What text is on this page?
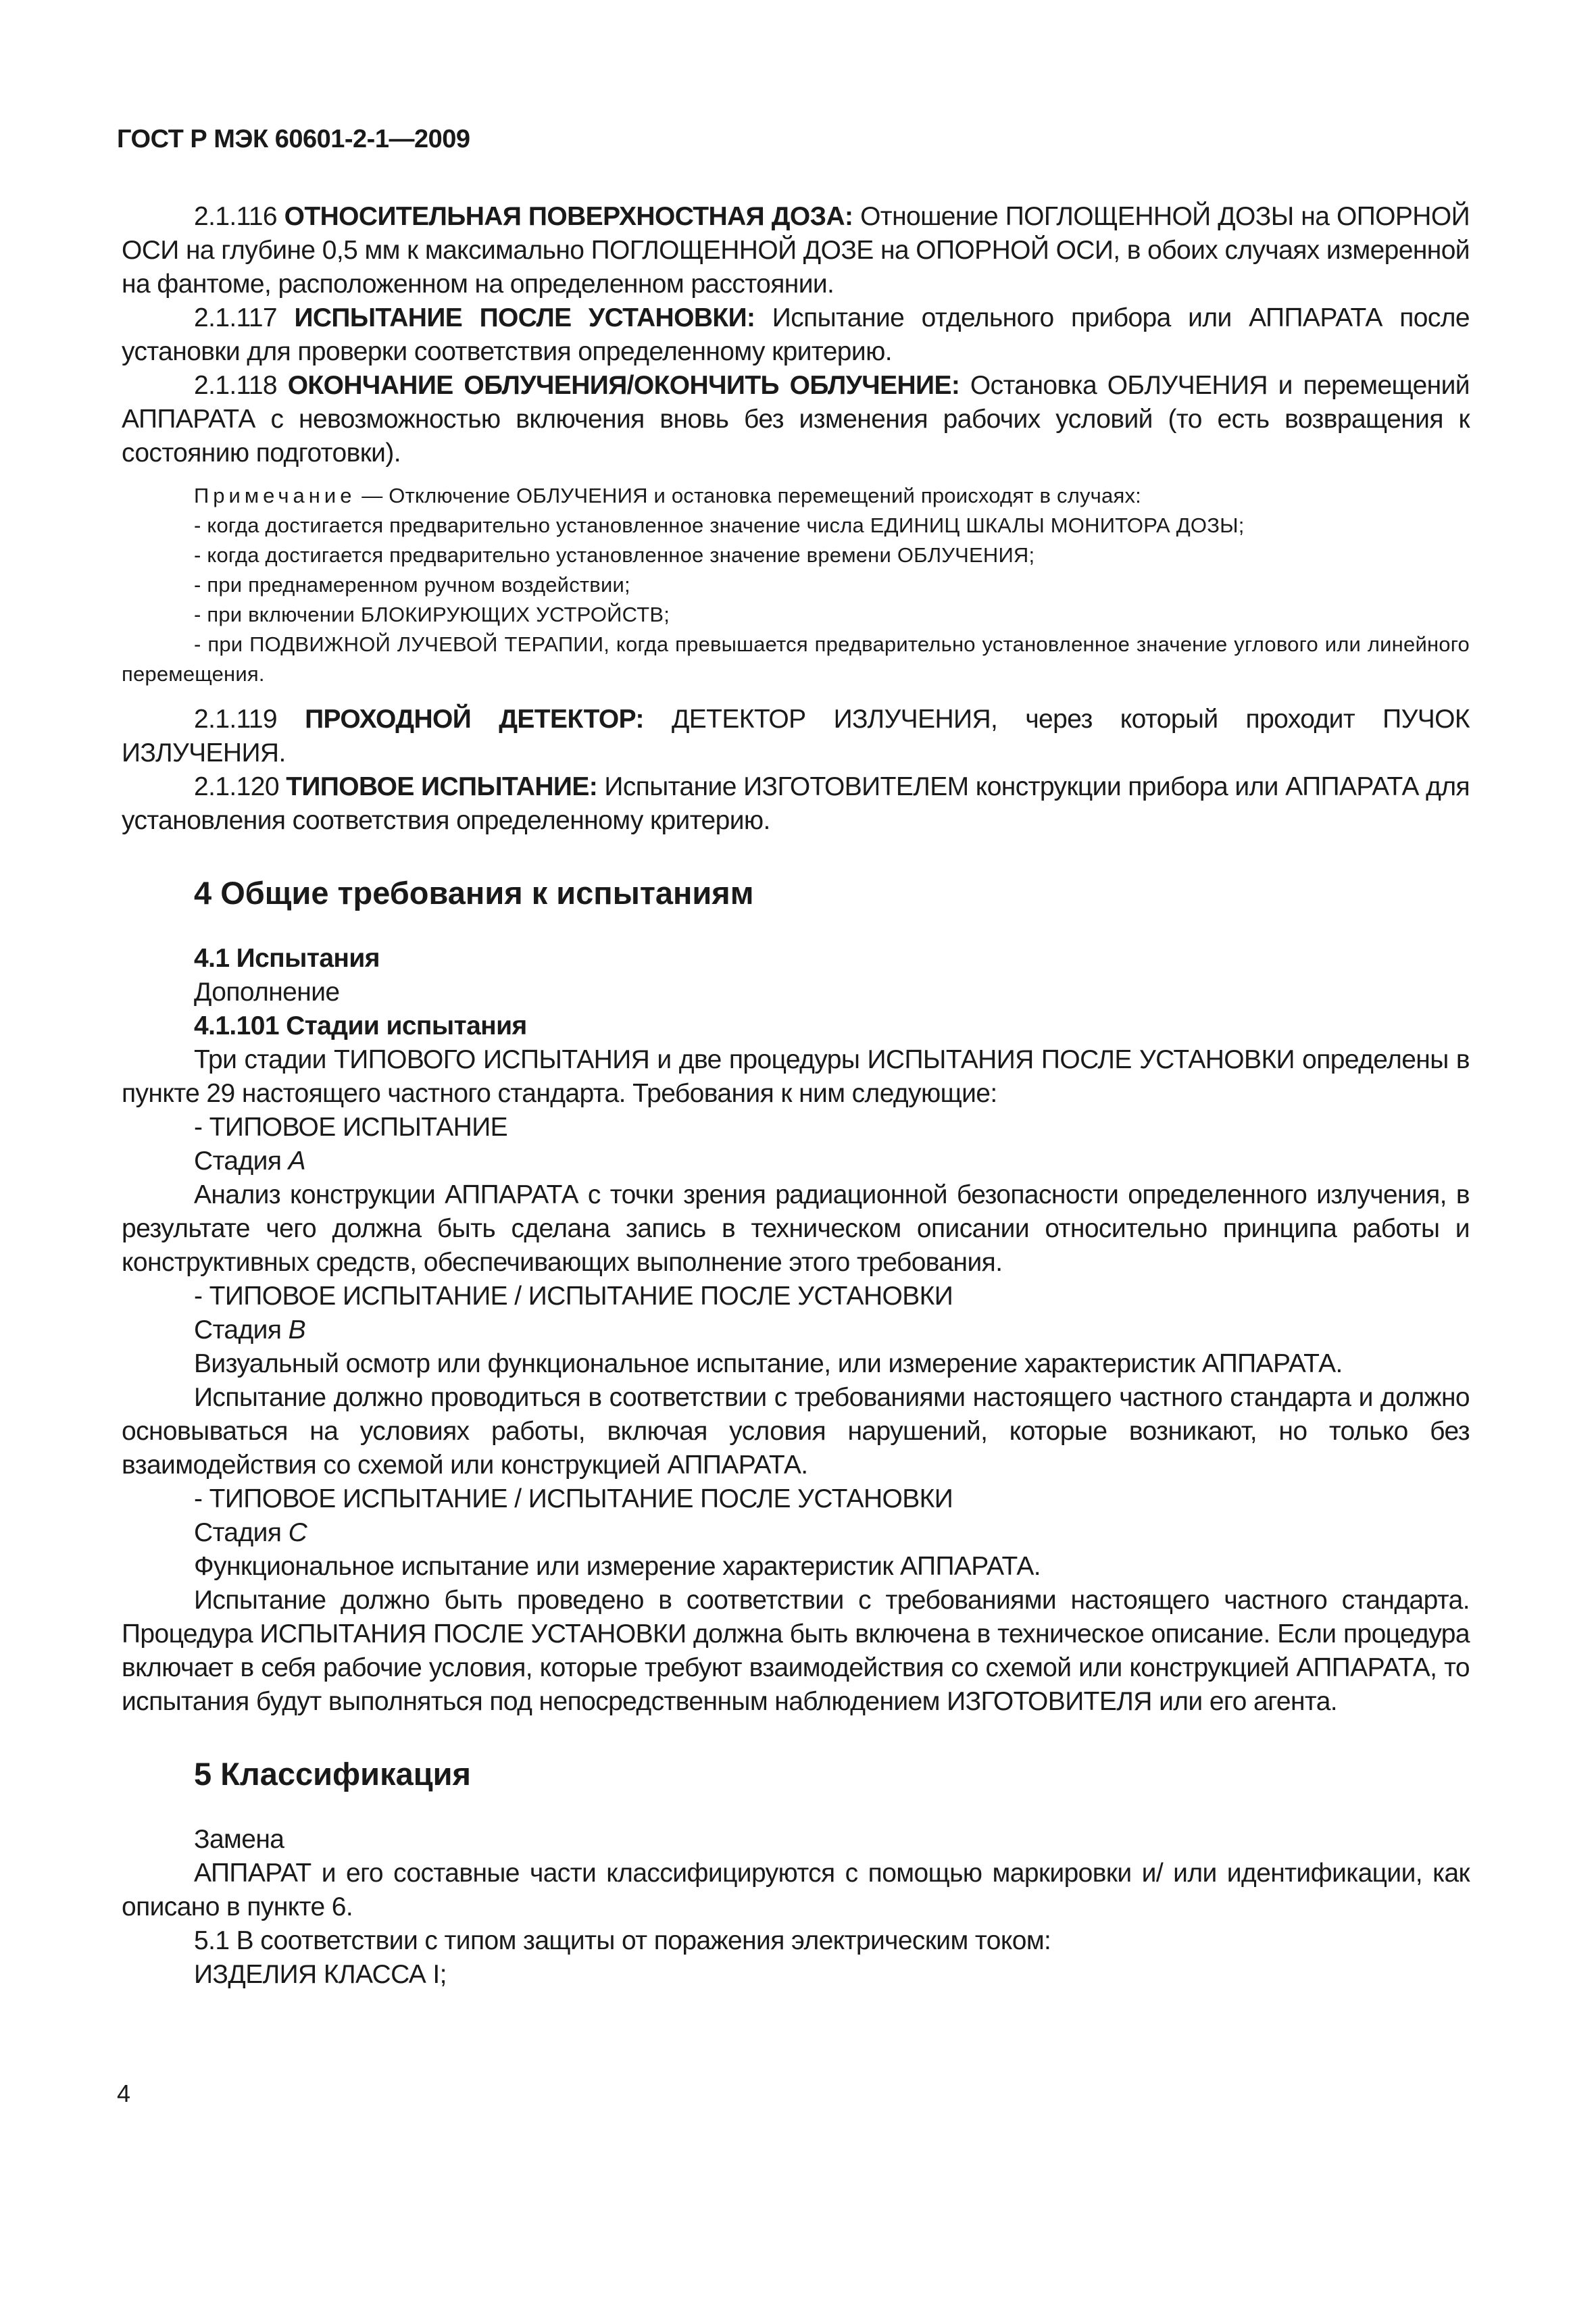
ГОСТ Р МЭК 60601-2-1—2009

2.1.116 ОТНОСИТЕЛЬНАЯ ПОВЕРХНОСТНАЯ ДОЗА: Отношение ПОГЛОЩЕННОЙ ДОЗЫ на ОПОРНОЙ ОСИ на глубине 0,5 мм к максимально ПОГЛОЩЕННОЙ ДОЗЕ на ОПОРНОЙ ОСИ, в обоих случаях измеренной на фантоме, расположенном на определенном расстоянии.

2.1.117 ИСПЫТАНИЕ ПОСЛЕ УСТАНОВКИ: Испытание отдельного прибора или АППАРАТА после установки для проверки соответствия определенному критерию.

2.1.118 ОКОНЧАНИЕ ОБЛУЧЕНИЯ/ОКОНЧИТЬ ОБЛУЧЕНИЕ: Остановка ОБЛУЧЕНИЯ и перемещений АППАРАТА с невозможностью включения вновь без изменения рабочих условий (то есть возвращения к состоянию подготовки).

Примечание — Отключение ОБЛУЧЕНИЯ и остановка перемещений происходят в случаях:

- когда достигается предварительно установленное значение числа ЕДИНИЦ ШКАЛЫ МОНИТОРА ДОЗЫ;

- когда достигается предварительно установленное значение времени ОБЛУЧЕНИЯ;

- при преднамеренном ручном воздействии;

- при включении БЛОКИРУЮЩИХ УСТРОЙСТВ;

- при ПОДВИЖНОЙ ЛУЧЕВОЙ ТЕРАПИИ, когда превышается предварительно установленное значение углового или линейного перемещения.

2.1.119 ПРОХОДНОЙ ДЕТЕКТОР: ДЕТЕКТОР ИЗЛУЧЕНИЯ, через который проходит ПУЧОК ИЗЛУЧЕНИЯ.

2.1.120 ТИПОВОЕ ИСПЫТАНИЕ: Испытание ИЗГОТОВИТЕЛЕМ конструкции прибора или АППАРАТА для установления соответствия определенному критерию.

4 Общие требования к испытаниям

4.1 Испытания

Дополнение

4.1.101 Стадии испытания

Три стадии ТИПОВОГО ИСПЫТАНИЯ и две процедуры ИСПЫТАНИЯ ПОСЛЕ УСТАНОВКИ определены в пункте 29 настоящего частного стандарта. Требования к ним следующие:

- ТИПОВОЕ ИСПЫТАНИЕ

Стадия А

Анализ конструкции АППАРАТА с точки зрения радиационной безопасности определенного излучения, в результате чего должна быть сделана запись в техническом описании относительно принципа работы и конструктивных средств, обеспечивающих выполнение этого требования.

- ТИПОВОЕ ИСПЫТАНИЕ / ИСПЫТАНИЕ ПОСЛЕ УСТАНОВКИ

Стадия В

Визуальный осмотр или функциональное испытание, или измерение характеристик АППАРАТА.

Испытание должно проводиться в соответствии с требованиями настоящего частного стандарта и должно основываться на условиях работы, включая условия нарушений, которые возникают, но только без взаимодействия со схемой или конструкцией АППАРАТА.

- ТИПОВОЕ ИСПЫТАНИЕ / ИСПЫТАНИЕ ПОСЛЕ УСТАНОВКИ

Стадия С

Функциональное испытание или измерение характеристик АППАРАТА.

Испытание должно быть проведено в соответствии с требованиями настоящего частного стандарта. Процедура ИСПЫТАНИЯ ПОСЛЕ УСТАНОВКИ должна быть включена в техническое описание. Если процедура включает в себя рабочие условия, которые требуют взаимодействия со схемой или конструкцией АППАРАТА, то испытания будут выполняться под непосредственным наблюдением ИЗГОТОВИТЕЛЯ или его агента.

5 Классификация

Замена

АППАРАТ и его составные части классифицируются с помощью маркировки и/ или идентификации, как описано в пункте 6.

5.1 В соответствии с типом защиты от поражения электрическим током:

ИЗДЕЛИЯ КЛАССА I;

4
